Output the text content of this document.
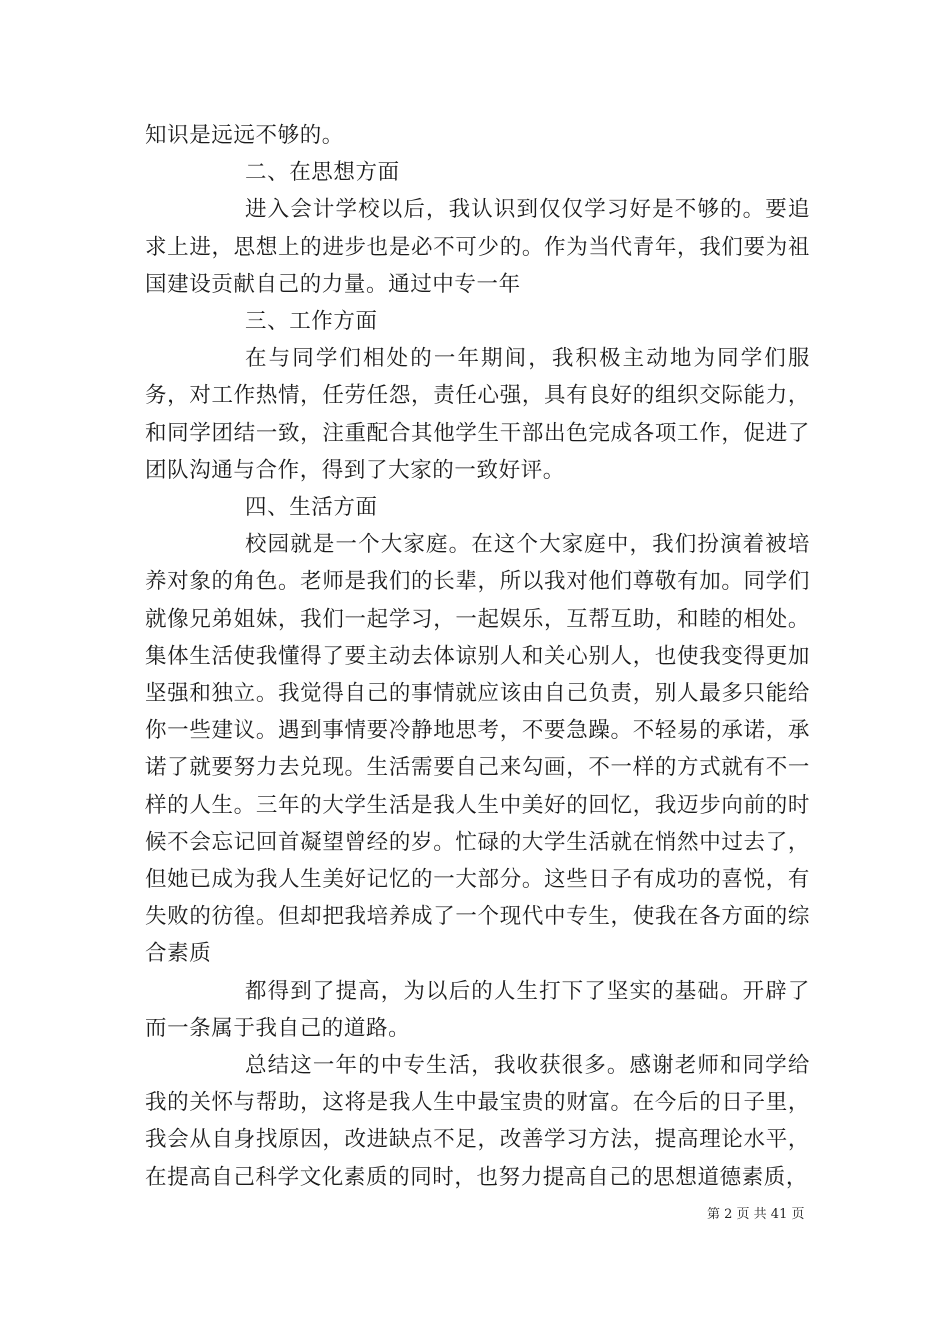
知识是远远不够的。

二、在思想方面

进入会计学校以后，我认识到仅仅学习好是不够的。要追求上进，思想上的进步也是必不可少的。作为当代青年，我们要为祖国建设贡献自己的力量。通过中专一年

三、工作方面

在与同学们相处的一年期间，我积极主动地为同学们服务，对工作热情，任劳任怨，责任心强，具有良好的组织交际能力，和同学团结一致，注重配合其他学生干部出色完成各项工作，促进了团队沟通与合作，得到了大家的一致好评。

四、生活方面

校园就是一个大家庭。在这个大家庭中，我们扮演着被培养对象的角色。老师是我们的长辈，所以我对他们尊敬有加。同学们就像兄弟姐妹，我们一起学习，一起娱乐，互帮互助，和睦的相处。集体生活使我懂得了要主动去体谅别人和关心别人，也使我变得更加坚强和独立。我觉得自己的事情就应该由自己负责，别人最多只能给你一些建议。遇到事情要冷静地思考，不要急躁。不轻易的承诺，承诺了就要努力去兑现。生活需要自己来勾画，不一样的方式就有不一样的人生。三年的大学生活是我人生中美好的回忆，我迈步向前的时候不会忘记回首凝望曾经的岁。忙碌的大学生活就在悄然中过去了，但她已成为我人生美好记忆的一大部分。这些日子有成功的喜悦，有失败的彷徨。但却把我培养成了一个现代中专生，使我在各方面的综合素质

都得到了提高，为以后的人生打下了坚实的基础。开辟了而一条属于我自己的道路。

总结这一年的中专生活，我收获很多。感谢老师和同学给我的关怀与帮助，这将是我人生中最宝贵的财富。在今后的日子里，我会从自身找原因，改进缺点不足，改善学习方法，提高理论水平，在提高自己科学文化素质的同时，也努力提高自己的思想道德素质，

第 2 页 共 41 页
